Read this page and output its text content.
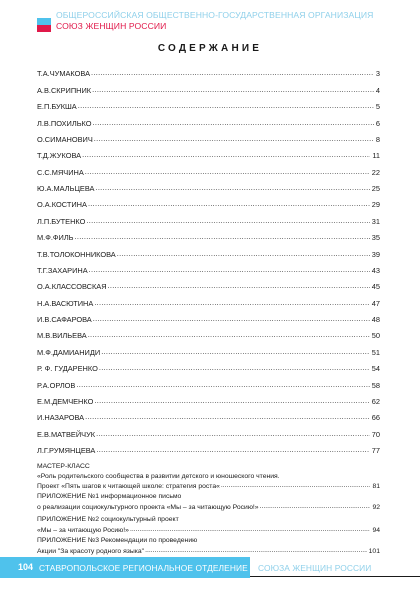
ОБЩЕРОССИЙСКАЯ ОБЩЕСТВЕННО-ГОСУДАРСТВЕННАЯ ОРГАНИЗАЦИЯ
СОЮЗ ЖЕНЩИН РОССИИ
СОДЕРЖАНИЕ
Т.А.ЧУМАКОВА .....	3
А.В.СКРИПНИК .....	4
Е.П.БУКША .....	5
Л.В.ПОХИЛЬКО .....	6
О.СИМАНОВИЧ .....	8
Т.Д.ЖУКОВА .....	11
С.С.МЯЧИНА .....	22
Ю.А.МАЛЬЦЕВА .....	25
О.А.КОСТИНА .....	29
Л.П.БУТЕНКО .....	31
М.Ф.ФИЛЬ .....	35
Т.В.ТОЛОКОННИКОВА .....	39
Т.Г.ЗАХАРИНА .....	43
О.А.КЛАССОВСКАЯ .....	45
Н.А.ВАСЮТИНА .....	47
И.В.САФАРОВА .....	48
М.В.ВИЛЬЕВА .....	50
М.Ф.ДАМИАНИДИ .....	51
Р. Ф. ГУДАРЕНКО .....	54
Р.А.ОРЛОВ .....	58
Е.М.ДЕМЧЕНКО .....	62
И.НАЗАРОВА .....	66
Е.В.МАТВЕЙЧУК .....	70
Л.Г.РУМЯНЦЕВА .....	77
МАСТЕР-КЛАСС
«Роль родительского сообщества в развитии детского и юношеского чтения.
Проект «Пять шагов к читающей школе: стратегия роста« .....	81
ПРИЛОЖЕНИЕ №1 информационное письмо
о реализации социокультурного проекта «Мы – за читающую Росию!» .....	92
ПРИЛОЖЕНИЕ №2 социокультурный проект
«Мы – за читающую Росию!» .....	94
ПРИЛОЖЕНИЕ №3 Рекомендации по проведению
Акции "За красоту родного языка" .....	101
104 СТАВРОПОЛЬСКОЕ РЕГИОНАЛЬНОЕ ОТДЕЛЕНИЕ СОЮЗА ЖЕНЩИН РОССИИ
